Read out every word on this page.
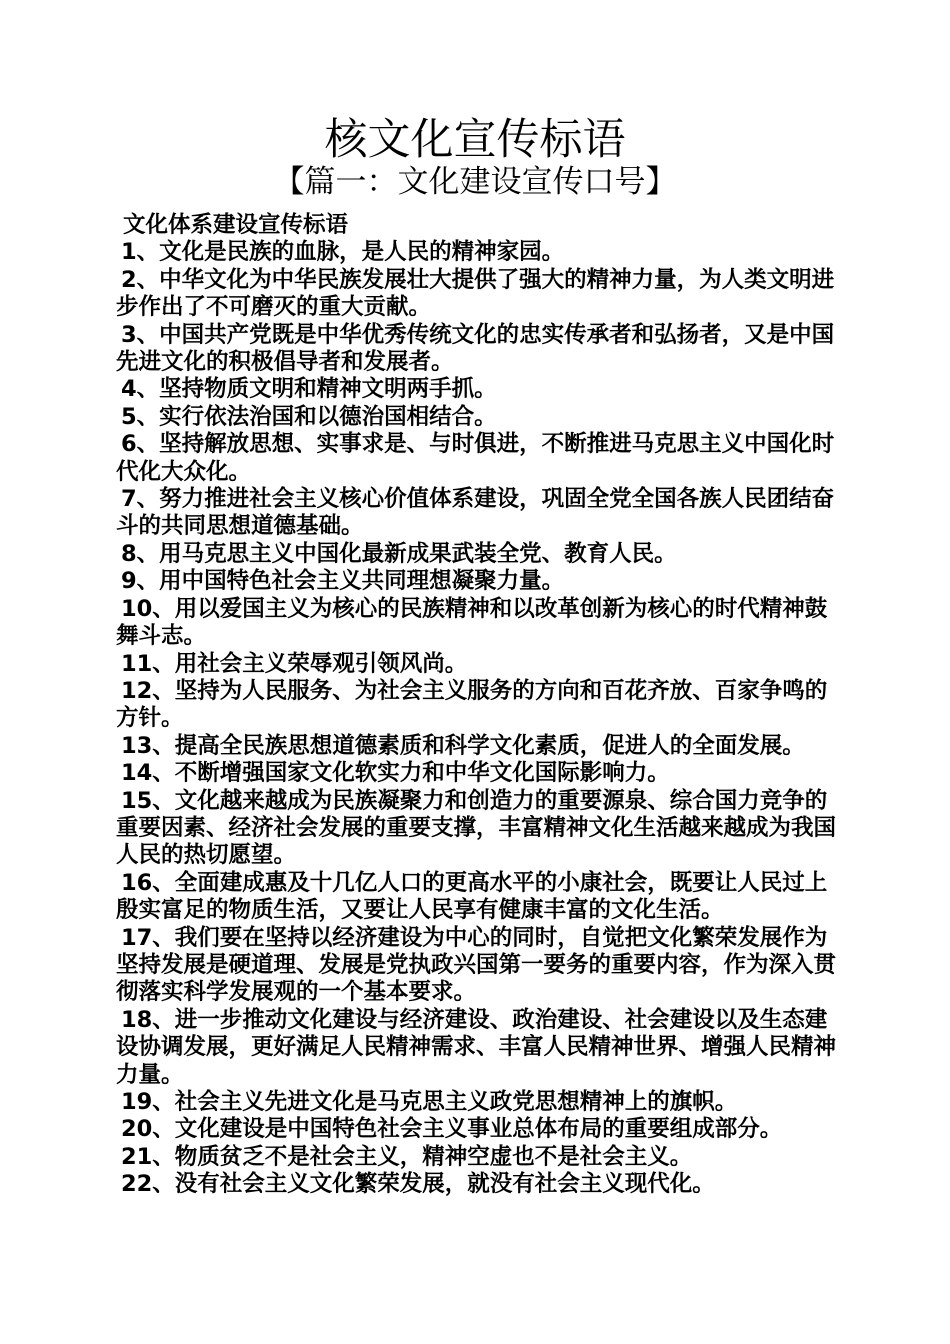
核文化宣传标语
【篇一：文化建设宣传口号】

文化体系建设宣传标语

1、文化是民族的血脉，是人民的精神家园。

2、中华文化为中华民族发展壮大提供了强大的精神力量，为人类文明进步作出了不可磨灭的重大贡献。

3、中国共产党既是中华优秀传统文化的忠实传承者和弘扬者，又是中国先进文化的积极倡导者和发展者。

4、坚持物质文明和精神文明两手抓。

5、实行依法治国和以德治国相结合。

6、坚持解放思想、实事求是、与时俱进，不断推进马克思主义中国化时代化大众化。

7、努力推进社会主义核心价值体系建设，巩固全党全国各族人民团结奋斗的共同思想道德基础。

8、用马克思主义中国化最新成果武装全党、教育人民。

9、用中国特色社会主义共同理想凝聚力量。

10、用以爱国主义为核心的民族精神和以改革创新为核心的时代精神鼓舞斗志。

11、用社会主义荣辱观引领风尚。

12、坚持为人民服务、为社会主义服务的方向和百花齐放、百家争鸣的方针。

13、提高全民族思想道德素质和科学文化素质，促进人的全面发展。

14、不断增强国家文化软实力和中华文化国际影响力。

15、文化越来越成为民族凝聚力和创造力的重要源泉、综合国力竞争的重要因素、经济社会发展的重要支撑，丰富精神文化生活越来越成为我国人民的热切愿望。

16、全面建成惠及十几亿人口的更高水平的小康社会，既要让人民过上殷实富足的物质生活，又要让人民享有健康丰富的文化生活。

17、我们要在坚持以经济建设为中心的同时，自觉把文化繁荣发展作为坚持发展是硬道理、发展是党执政兴国第一要务的重要内容，作为深入贯彻落实科学发展观的一个基本要求。

18、进一步推动文化建设与经济建设、政治建设、社会建设以及生态建设协调发展，更好满足人民精神需求、丰富人民精神世界、增强人民精神力量。

19、社会主义先进文化是马克思主义政党思想精神上的旗帜。

20、文化建设是中国特色社会主义事业总体布局的重要组成部分。

21、物质贫乏不是社会主义，精神空虚也不是社会主义。

22、没有社会主义文化繁荣发展，就没有社会主义现代化。
